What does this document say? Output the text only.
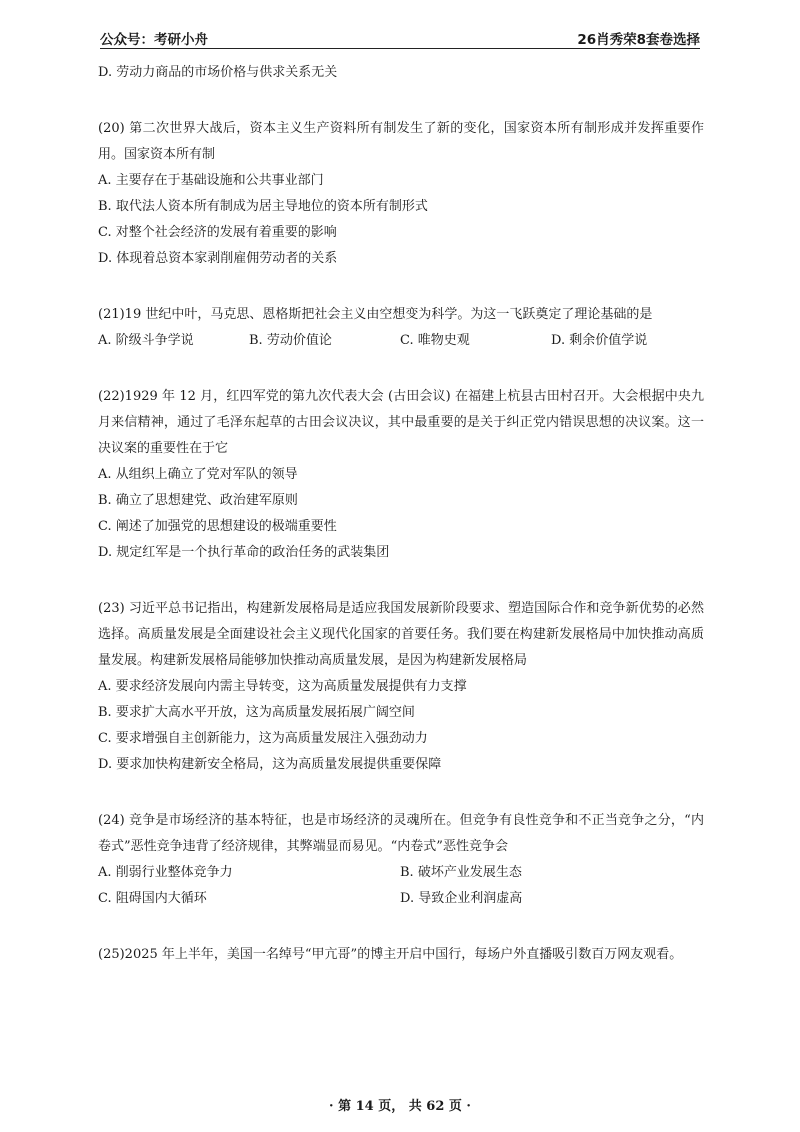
公众号：考研小舟	26肖秀荣8套卷选择

D. 劳动力商品的市场价格与供求关系无关

(20) 第二次世界大战后，资本主义生产资料所有制发生了新的变化，国家资本所有制形成并发挥重要作用。国家资本所有制

A. 主要存在于基础设施和公共事业部门

B. 取代法人资本所有制成为居主导地位的资本所有制形式

C. 对整个社会经济的发展有着重要的影响

D. 体现着总资本家剥削雇佣劳动者的关系

(21)19 世纪中叶，马克思、恩格斯把社会主义由空想变为科学。为这一飞跃奠定了理论基础的是

A. 阶级斗争学说	B. 劳动价值论	C. 唯物史观	D. 剩余价值学说

(22)1929 年 12 月，红四军党的第九次代表大会 (古田会议) 在福建上杭县古田村召开。大会根据中央九月来信精神，通过了毛泽东起草的古田会议决议，其中最重要的是关于纠正党内错误思想的决议案。这一决议案的重要性在于它

A. 从组织上确立了党对军队的领导

B. 确立了思想建党、政治建军原则

C. 阐述了加强党的思想建设的极端重要性

D. 规定红军是一个执行革命的政治任务的武装集团

(23) 习近平总书记指出，构建新发展格局是适应我国发展新阶段要求、塑造国际合作和竞争新优势的必然选择。高质量发展是全面建设社会主义现代化国家的首要任务。我们要在构建新发展格局中加快推动高质量发展。构建新发展格局能够加快推动高质量发展，是因为构建新发展格局

A. 要求经济发展向内需主导转变，这为高质量发展提供有力支撑

B. 要求扩大高水平开放，这为高质量发展拓展广阔空间

C. 要求增强自主创新能力，这为高质量发展注入强劲动力

D. 要求加快构建新安全格局，这为高质量发展提供重要保障

(24) 竞争是市场经济的基本特征，也是市场经济的灵魂所在。但竞争有良性竞争和不正当竞争之分，“内卷式”恶性竞争违背了经济规律，其弊端显而易见。“内卷式”恶性竞争会

A. 削弱行业整体竞争力	B. 破坏产业发展生态
C. 阻碍国内大循环	D. 导致企业利润虚高

(25)2025 年上半年，美国一名绰号“甲亢哥”的博主开启中国行，每场户外直播吸引数百万网友观看。

· 第 14 页， 共 62 页 ·
